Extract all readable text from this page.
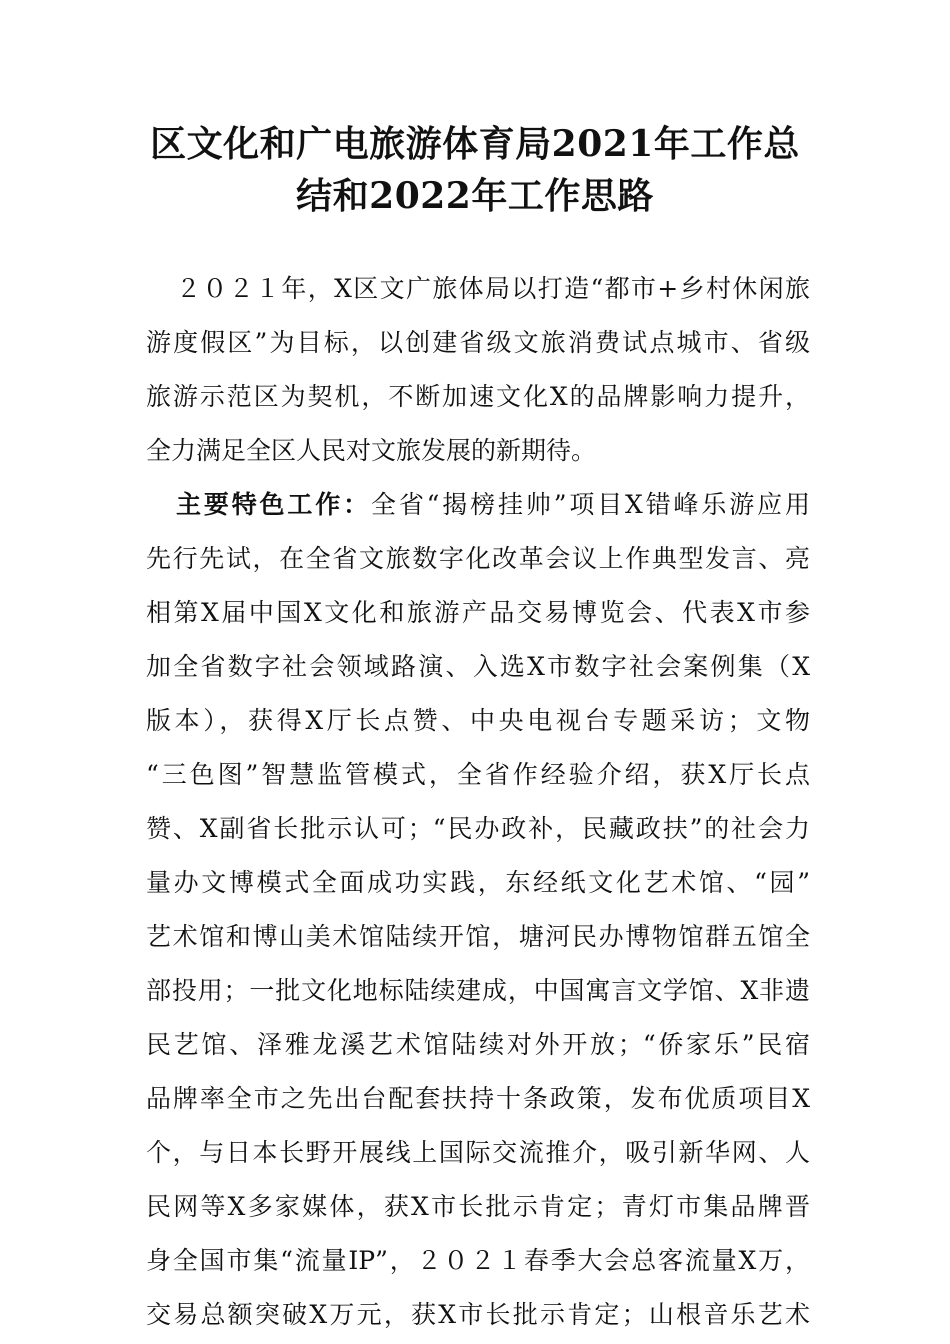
区文化和广电旅游体育局2021年工作总
结和2022年工作思路
２０２１年，X区文广旅体局以打造“都市+乡村休闲旅
游度假区”为目标，以创建省级文旅消费试点城市、省级
旅游示范区为契机，不断加速文化X的品牌影响力提升，
全力满足全区人民对文旅发展的新期待。
主要特色工作：全省“揭榜挂帅”项目X错峰乐游应用
先行先试，在全省文旅数字化改革会议上作典型发言、亮
相第X届中国X文化和旅游产品交易博览会、代表X市参
加全省数字社会领域路演、入选X市数字社会案例集（X
版本），获得X厅长点赞、中央电视台专题采访；文物
“三色图”智慧监管模式，全省作经验介绍，获X厅长点
赞、X副省长批示认可；“民办政补，民藏政扶”的社会力
量办文博模式全面成功实践，东经纸文化艺术馆、“园”
艺术馆和博山美术馆陆续开馆，塘河民办博物馆群五馆全
部投用；一批文化地标陆续建成，中国寓言文学馆、X非遗
民艺馆、泽雅龙溪艺术馆陆续对外开放；“侨家乐”民宿
品牌率全市之先出台配套扶持十条政策，发布优质项目X
个，与日本长野开展线上国际交流推介，吸引新华网、人
民网等X多家媒体，获X市长批示肯定；青灯市集品牌晋
身全国市集“流量IP”，２０２１春季大会总客流量X万，
交易总额突破X万元，获X市长批示肯定；山根音乐艺术
